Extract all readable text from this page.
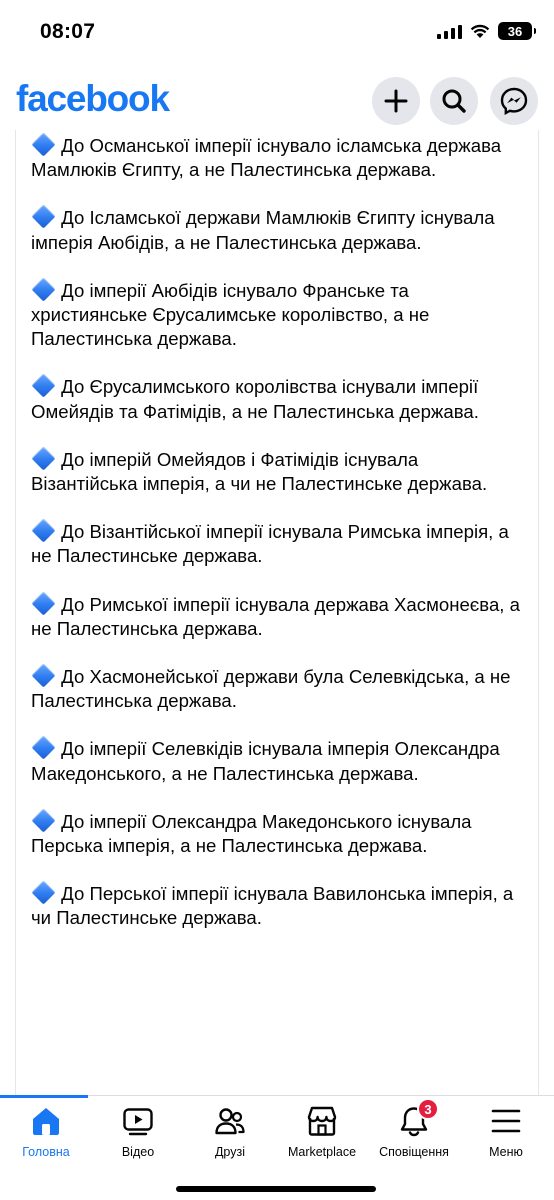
08:07	36
facebook

До Османської імперії існувало ісламська держава Мамлюків Єгипту, а не Палестинська держава.

До Ісламської держави Мамлюків Єгипту існувала імперія Аюбідів, а не Палестинська держава.

До імперії Аюбідів існувало Франське та християнське Єрусалимське королівство, а не Палестинська держава.

До Єрусалимського королівства існували імперії Омейядів та Фатімідів, а не Палестинська держава.

До імперій Омейядов і Фатімідів існувала Візантійська імперія, а чи не Палестинське держава.

До Візантійської імперії існувала Римська імперія, а не Палестинське держава.

До Римської імперії існувала держава Хасмонеєва, а не Палестинська держава.

До Хасмонейської держави була Селевкідська, а не Палестинська держава.

До імперії Селевкідів існувала імперія Олександра Македонського, а не Палестинська держава.

До імперії Олександра Македонського існувала Перська імперія, а не Палестинська держава.

До Перської імперії існувала Вавилонська імперія, а чи Палестинське держава.

Головна	Відео	Друзі	Marketplace
3
Сповіщення	Меню
